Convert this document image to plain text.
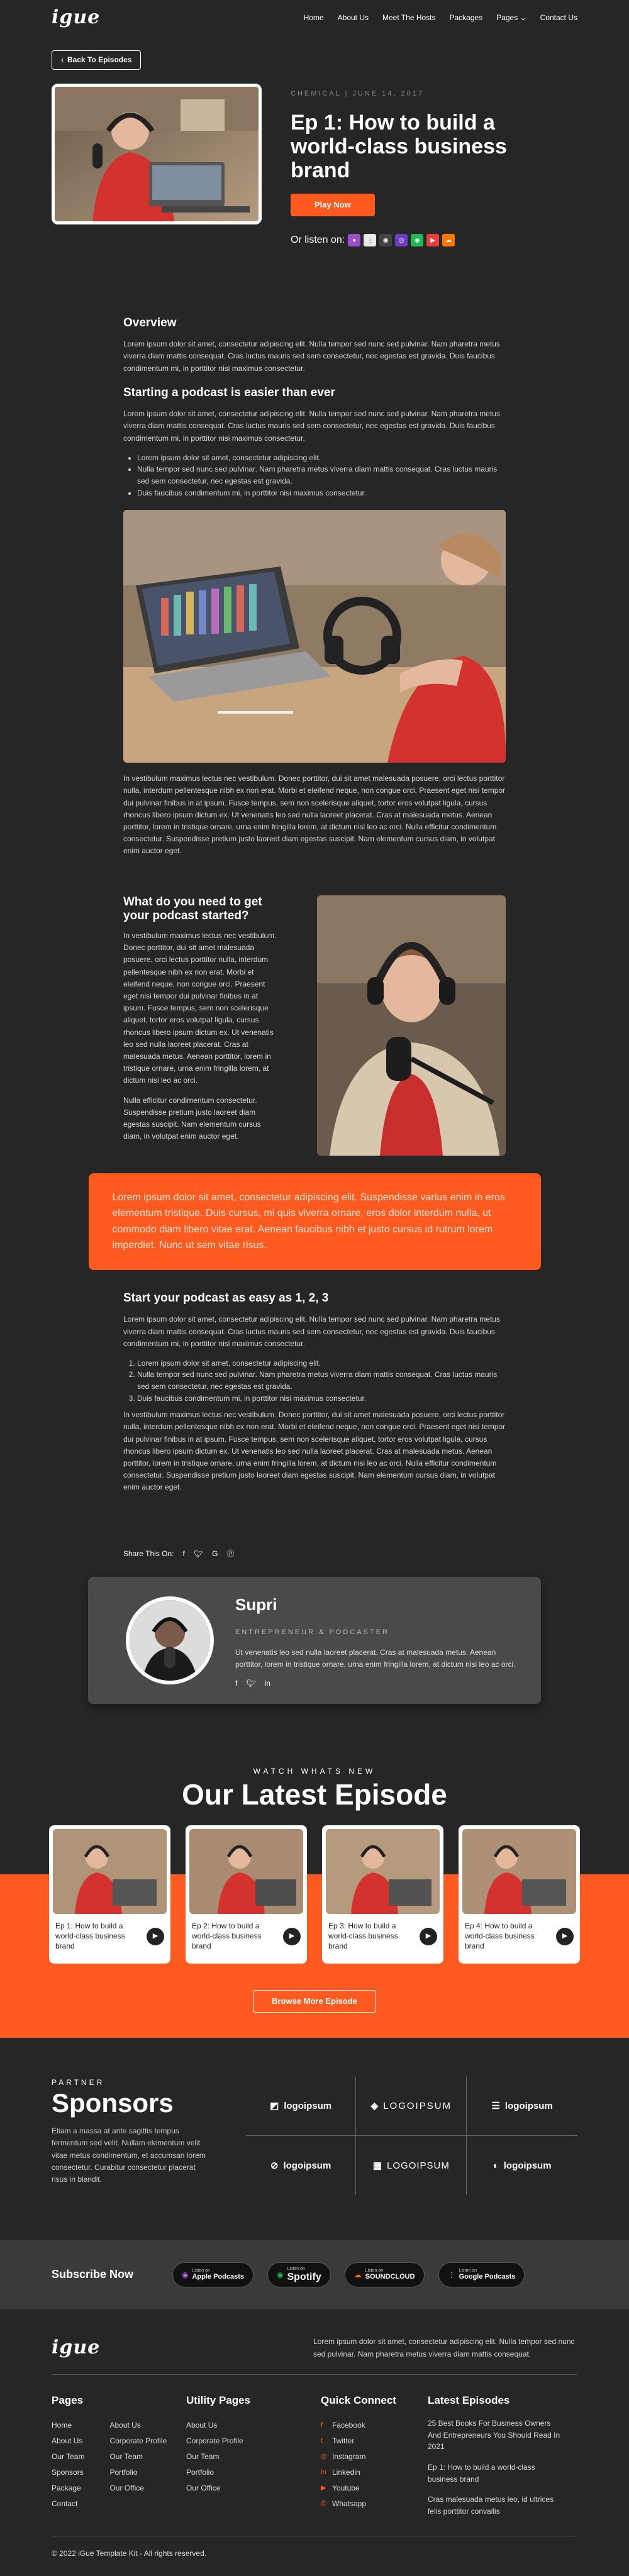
igue	Home About Us Meet The Hosts Packages Pages ⌄ Contact Us
‹ Back To Episodes
CHEMICAL | JUNE 14, 2017
Ep 1: How to build a world-class business brand
Play Now
Or listen on:	●	⋮	◉	◎	◉	▶	☁
Overview

Lorem ipsum dolor sit amet, consectetur adipiscing elit. Nulla tempor sed nunc sed pulvinar. Nam pharetra metus viverra diam mattis consequat. Cras luctus mauris sed sem consectetur, nec egestas est gravida. Duis faucibus condimentum mi, in porttitor nisi maximus consectetur.

Starting a podcast is easier than ever

Lorem ipsum dolor sit amet, consectetur adipiscing elit. Nulla tempor sed nunc sed pulvinar. Nam pharetra metus viverra diam mattis consequat. Cras luctus mauris sed sem consectetur, nec egestas est gravida. Duis faucibus condimentum mi, in porttitor nisi maximus consectetur.

• Lorem ipsum dolor sit amet, consectetur adipiscing elit.
• Nulla tempor sed nunc sed pulvinar. Nam pharetra metus viverra diam mattis consequat. Cras luctus mauris sed sem consectetur, nec egestas est gravida.
• Duis faucibus condimentum mi, in porttitor nisi maximus consectetur.

In vestibulum maximus lectus nec vestibulum. Donec porttitor, dui sit amet malesuada posuere, orci lectus porttitor nulla, interdum pellentesque nibh ex non erat. Morbi et eleifend neque, non congue orci. Praesent eget nisi tempor dui pulvinar finibus in at ipsum. Fusce tempus, sem non scelerisque aliquet, tortor eros volutpat ligula, cursus rhoncus libero ipsum dictum ex. Ut venenatis leo sed nulla laoreet placerat. Cras at malesuada metus. Aenean porttitor, lorem in tristique ornare, urna enim fringilla lorem, at dictum nisi leo ac orci. Nulla efficitur condimentum consectetur. Suspendisse pretium justo laoreet diam egestas suscipit. Nam elementum cursus diam, in volutpat enim auctor eget.

What do you need to get your podcast started?

In vestibulum maximus lectus nec vestibulum. Donec porttitor, dui sit amet malesuada posuere, orci lectus porttitor nulla, interdum pellentesque nibh ex non erat. Morbi et eleifend neque, non congue orci. Praesent eget nisi tempor dui pulvinar finibus in at ipsum. Fusce tempus, sem non scelerisque aliquet, tortor eros volutpat ligula, cursus rhoncus libero ipsum dictum ex. Ut venenatis leo sed nulla laoreet placerat. Cras at malesuada metus. Aenean porttitor, lorem in tristique ornare, urna enim fringilla lorem, at dictum nisi leo ac orci.

Nulla efficitur condimentum consectetur. Suspendisse pretium justo laoreet diam egestas suscipit. Nam elementum cursus diam, in volutpat enim auctor eget.

Lorem ipsum dolor sit amet, consectetur adipiscing elit. Suspendisse varius enim in eros elementum tristique. Duis cursus, mi quis viverra ornare, eros dolor interdum nulla, ut commodo diam libero vitae erat. Aenean faucibus nibh et justo cursus id rutrum lorem imperdiet. Nunc ut sem vitae risus.
Start your podcast as easy as 1, 2, 3

Lorem ipsum dolor sit amet, consectetur adipiscing elit. Nulla tempor sed nunc sed pulvinar. Nam pharetra metus viverra diam mattis consequat. Cras luctus mauris sed sem consectetur, nec egestas est gravida. Duis faucibus condimentum mi, in porttitor nisi maximus consectetur.

1. Lorem ipsum dolor sit amet, consectetur adipiscing elit.
2. Nulla tempor sed nunc sed pulvinar. Nam pharetra metus viverra diam mattis consequat. Cras luctus mauris sed sem consectetur, nec egestas est gravida.
3. Duis faucibus condimentum mi, in porttitor nisi maximus consectetur.

In vestibulum maximus lectus nec vestibulum. Donec porttitor, dui sit amet malesuada posuere, orci lectus porttitor nulla, interdum pellentesque nibh ex non erat. Morbi et eleifend neque, non congue orci. Praesent eget nisi tempor dui pulvinar finibus in at ipsum. Fusce tempus, sem non scelerisque aliquet, tortor eros volutpat ligula, cursus rhoncus libero ipsum dictum ex. Ut venenatis leo sed nulla laoreet placerat. Cras at malesuada metus. Aenean porttitor, lorem in tristique ornare, urna enim fringilla lorem, at dictum nisi leo ac orci. Nulla efficitur condimentum consectetur. Suspendisse pretium justo laoreet diam egestas suscipit. Nam elementum cursus diam, in volutpat enim auctor eget.

Share This On: f 🐦︎ G ⓟ
Supri
ENTREPRENEUR & PODCASTER
Ut venenatis leo sed nulla laoreet placerat. Cras at malesuada metus. Aenean porttitor, lorem in tristique ornare, urna enim fringilla lorem, at dictum nisi leo ac orci.
f 🐦︎ in
WATCH WHATS NEW
Our Latest Episode
Ep 1: How to build a world-class business brand
▶
Ep 2: How to build a world-class business brand
▶
Ep 3: How to build a world-class business brand
▶
Ep 4: How to build a world-class business brand
▶
Browse More Episode
PARTNER
Sponsors
Etiam a massa at ante sagittis tempus fermentum sed velit. Nullam elementum velit vitae metus condimentum, et accumsan lorem consectetur. Curabitur consectetur placerat risus in blandit.
◩ logoipsum	◈ LOGOIPSUM	☰ logoipsum
⊘ logoipsum	▦ LOGOIPSUM	◐ logoipsum
Subscribe Now	◉ Listen on
Apple Podcasts	◉
Listen on
Spotify	☁ Listen on
SOUNDCLOUD	⋮ Listen on
Google Podcasts
igue	Lorem ipsum dolor sit amet, consectetur adipiscing elit. Nulla tempor sed nunc sed pulvinar. Nam pharetra metus viverra diam mattis consequat.

Pages
Home
About Us
Our Team
Sponsors
Package
Contact
About Us
Corporate Profile
Our Team
Portfolio
Our Office
Utility Pages
About Us
Corporate Profile
Our Team
Portfolio
Our Office
Quick Connect
f	Facebook
t	Twitter
◎ Instagram
in Linkedin
▶ Youtube
✆ Whatsapp
Latest Episodes
25 Best Books For Business Owners And Entrepreneurs You Should Read In 2021
Ep 1: How to build a world-class business brand
Cras malesuada metus leo, id ultrices felis porttitor convallis
© 2022 iGue Template Kit - All rights reserved.
